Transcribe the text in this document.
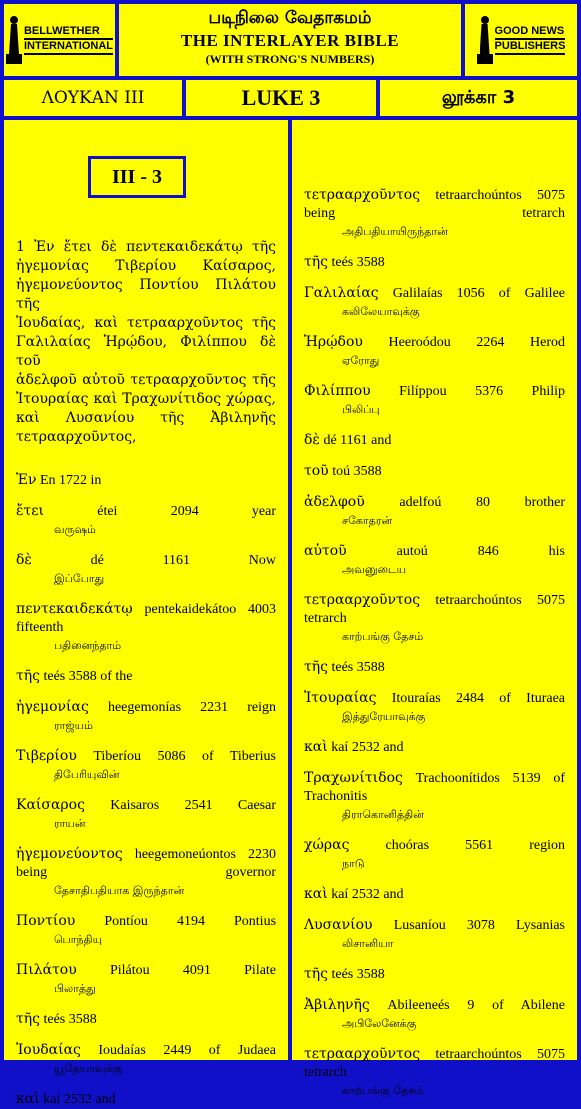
BELLWETHER
INTERNATIONAL
படிநிலை வேதாகமம்
THE INTERLAYER BIBLE
(WITH STRONG'S NUMBERS)
GOOD NEWS
PUBLISHERS
ΛΟΥΚΑΝ III	LUKE 3	லூக்கா 3
III - 3
1 Ἐν ἔτει δὲ πεντεκαιδεκάτῳ τῆς
ἡγεμονίας Τιβερίου Καίσαρος,
ἡγεμονεύοντος Ποντίου Πιλάτου τῆς
Ἰουδαίας, καὶ τετρααρχοῦντος τῆς
Γαλιλαίας Ἡρῴδου, Φιλίππου δὲ τοῦ
ἀδελφοῦ αὐτοῦ τετρααρχοῦντος τῆς
Ἰτουραίας καὶ Τραχωνίτιδος χώρας,
καὶ Λυσανίου τῆς Ἀβιληνῆς
τετρααρχοῦντος,
Ἐν En 1722 in
ἔτει	étei	2094	year
வருஷம்
δὲ	dé	1161	Now
இப்போது
πεντεκαιδεκάτῳ pentekaidekátoo 4003 fifteenth
பதினைந்தாம்
τῆς teés 3588 of the
ἡγεμονίας heegemonías 2231 reign
ராஜ்யம்
Τιβερίου Tiberíou 5086 of Tiberius
திபேரியுவின்
Καίσαρος Kaisaros 2541 Caesar
ராயன்
ἡγεμονεύοντος heegemoneúontos 2230 being governor
தேசாதிபதியாக இருந்தான்
Ποντίου Pontíou 4194 Pontius
பொந்தியு
Πιλάτου Pilátou 4091 Pilate
பிலாத்து
τῆς teés 3588
Ἰουδαίας Ioudaías 2449 of Judaea
யூதேயாவுக்கு
καὶ kaí 2532 and
τετρααρχοῦντος tetraarchoúntos 5075 being tetrarch
அதிபதியாயிருந்தான்
τῆς teés 3588
Γαλιλαίας Galilaías 1056 of Galilee
கலிலேயாவுக்கு
Ἡρῴδου Heeroódou 2264 Herod
ஏரோது
Φιλίππου Filíppou 5376 Philip
பிலிப்பு
δὲ dé 1161 and
τοῦ toú 3588
ἀδελφοῦ adelfoú 80 brother
சகோதரன்
αὐτοῦ	autoú	846	his
அவனுடைய
τετρααρχοῦντος tetraarchoúntos 5075 tetrarch
காற்பங்கு தேசம்
τῆς teés 3588
Ἰτουραίας Itouraías 2484 of Ituraea
இத்துரேயாவுக்கு
καὶ kaí 2532 and
Τραχωνίτιδος Trachoonítidos 5139 of Trachonitis
திராகொனித்தின்
χώρας	choóras	5561	region
நாடு
καὶ kaí 2532 and
Λυσανίου Lusaníou 3078 Lysanias
லிசானியா
τῆς teés 3588
Ἀβιληνῆς Abileeneés 9 of Abilene
அபிலேனேக்கு
τετρααρχοῦντος tetraarchoúntos 5075 tetrarch
காற்பங்கு தேசம்
